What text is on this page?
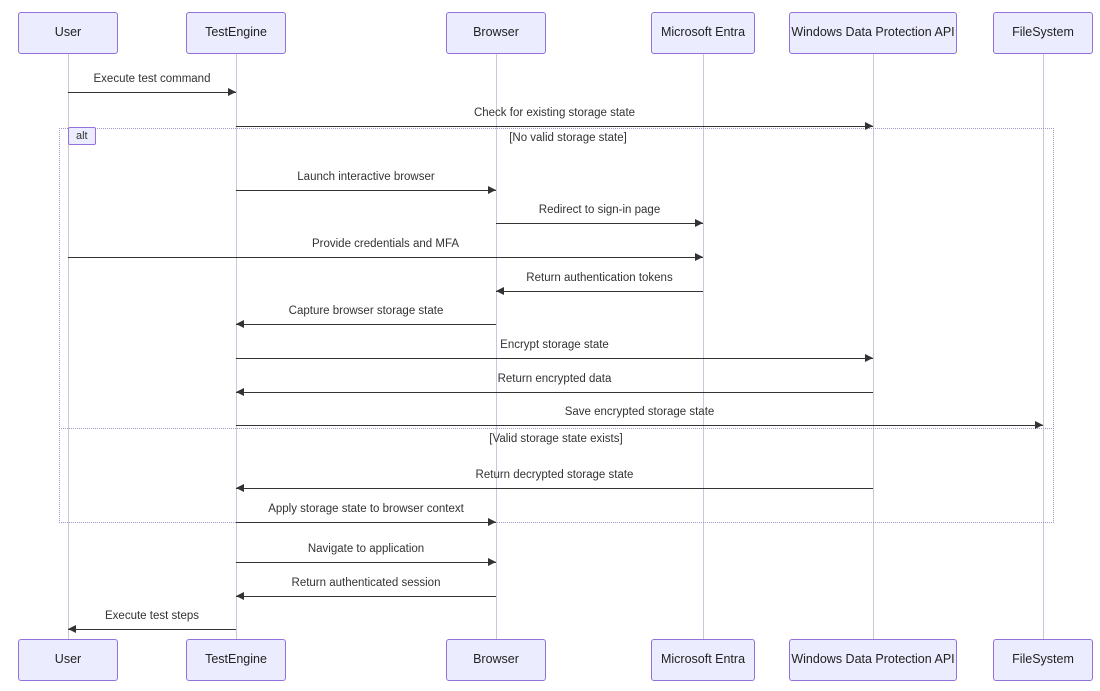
alt	[No valid storage state]
[Valid storage state exists]
Execute test command
Check for existing storage state
Launch interactive browser
Redirect to sign-in page
Provide credentials and MFA
Return authentication tokens
Capture browser storage state
Encrypt storage state
Return encrypted data
Save encrypted storage state
Return decrypted storage state
Apply storage state to browser context
Navigate to application
Return authenticated session
Execute test steps
User	TestEngine	Browser	Microsoft Entra	Windows Data Protection API	FileSystem
User	TestEngine	Browser	Microsoft Entra	Windows Data Protection API	FileSystem
